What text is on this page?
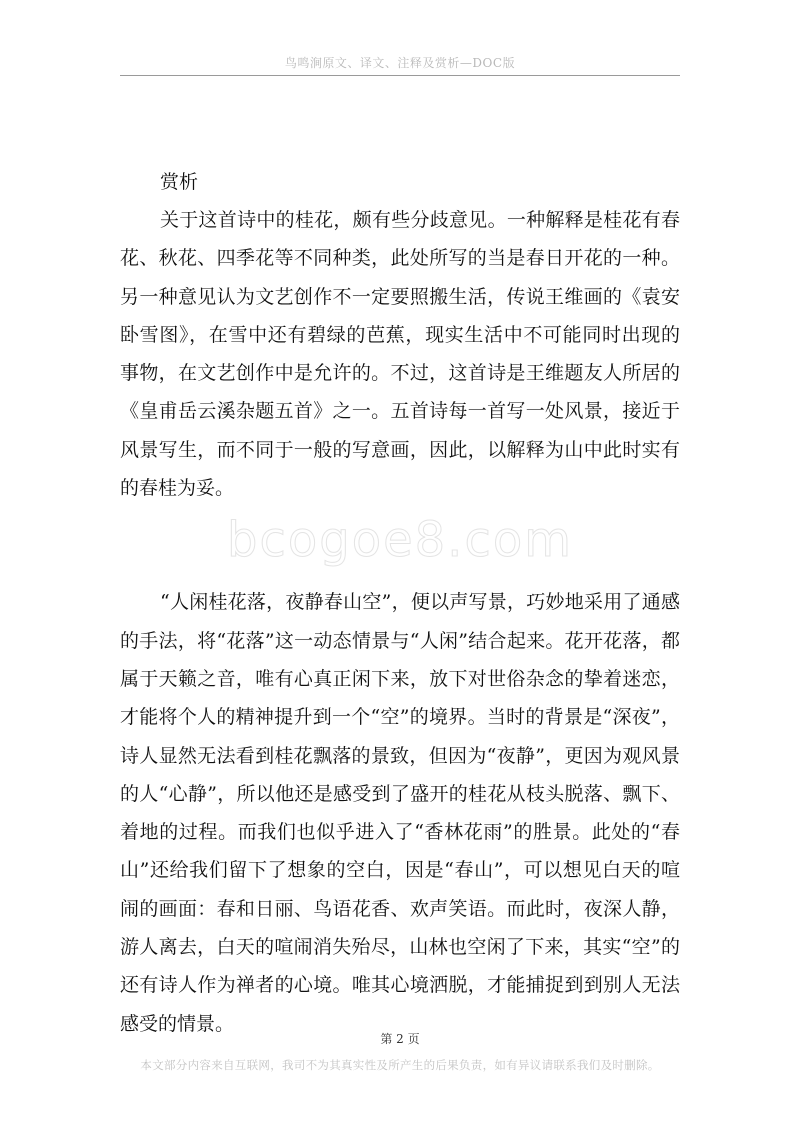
鸟鸣涧原文、译文、注释及赏析—DOC版
bcogoe8.com

赏析

关于这首诗中的桂花，颇有些分歧意见。一种解释是桂花有春花、秋花、四季花等不同种类，此处所写的当是春日开花的一种。另一种意见认为文艺创作不一定要照搬生活，传说王维画的《袁安卧雪图》，在雪中还有碧绿的芭蕉，现实生活中不可能同时出现的事物，在文艺创作中是允许的。不过，这首诗是王维题友人所居的《皇甫岳云溪杂题五首》之一。五首诗每一首写一处风景，接近于风景写生，而不同于一般的写意画，因此，以解释为山中此时实有的春桂为妥。

“人闲桂花落，夜静春山空”，便以声写景，巧妙地采用了通感的手法，将“花落”这一动态情景与“人闲”结合起来。花开花落，都属于天籁之音，唯有心真正闲下来，放下对世俗杂念的挚着迷恋，才能将个人的精神提升到一个“空”的境界。当时的背景是“深夜”，诗人显然无法看到桂花飘落的景致，但因为“夜静”，更因为观风景的人“心静”，所以他还是感受到了盛开的桂花从枝头脱落、飘下、着地的过程。而我们也似乎进入了“香林花雨”的胜景。此处的“春山”还给我们留下了想象的空白，因是“春山”，可以想见白天的喧闹的画面：春和日丽、鸟语花香、欢声笑语。而此时，夜深人静，游人离去，白天的喧闹消失殆尽，山林也空闲了下来，其实“空”的还有诗人作为禅者的心境。唯其心境洒脱，才能捕捉到到别人无法感受的情景。

第 2 页
本文部分内容来自互联网，我司不为其真实性及所产生的后果负责，如有异议请联系我们及时删除。
